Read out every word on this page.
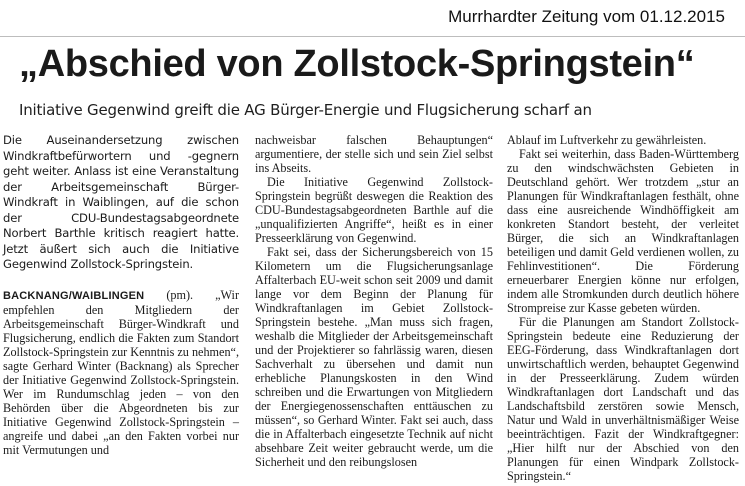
Murrhardter Zeitung vom 01.12.2015
„Abschied von Zollstock-Springstein“
Initiative Gegenwind greift die AG Bürger-Energie und Flugsicherung scharf an

Die Auseinandersetzung zwischen Windkraftbefürwortern und -gegnern geht weiter. Anlass ist eine Veranstaltung der Arbeitsgemeinschaft Bürger-Windkraft in Waiblingen, auf die schon der CDU-Bundestagsabgeordnete Norbert Barthle kritisch reagiert hatte. Jetzt äußert sich auch die Initiative Gegenwind Zollstock-Springstein.

BACKNANG/WAIBLINGEN (pm). „Wir empfehlen den Mitgliedern der Arbeitsgemeinschaft Bürger-Windkraft und Flugsicherung, endlich die Fakten zum Standort Zollstock-Springstein zur Kenntnis zu nehmen“, sagte Gerhard Winter (Backnang) als Sprecher der Initiative Gegenwind Zollstock-Springstein. Wer im Rundumschlag jeden – von den Behörden über die Abgeordneten bis zur Initiative Gegenwind Zollstock-Springstein – angreife und dabei „an den Fakten vorbei nur mit Vermutungen und

nachweisbar falschen Behauptungen“ argumentiere, der stelle sich und sein Ziel selbst ins Abseits.

Die Initiative Gegenwind Zollstock-Springstein begrüßt deswegen die Reaktion des CDU-Bundestagsabgeordneten Barthle auf die „unqualifizierten Angriffe“, heißt es in einer Presseerklärung von Gegenwind.

Fakt sei, dass der Sicherungsbereich von 15 Kilometern um die Flugsicherungsanlage Affalterbach EU-weit schon seit 2009 und damit lange vor dem Beginn der Planung für Windkraftanlagen im Gebiet Zollstock-Springstein bestehe. „Man muss sich fragen, weshalb die Mitglieder der Arbeitsgemeinschaft und der Projektierer so fahrlässig waren, diesen Sachverhalt zu übersehen und damit nun erhebliche Planungskosten in den Wind schreiben und die Erwartungen von Mitgliedern der Energiegenossenschaften enttäuschen zu müssen“, so Gerhard Winter. Fakt sei auch, dass die in Affalterbach eingesetzte Technik auf nicht absehbare Zeit weiter gebraucht werde, um die Sicherheit und den reibungslosen

Ablauf im Luftverkehr zu gewährleisten.

Fakt sei weiterhin, dass Baden-Württemberg zu den windschwächsten Gebieten in Deutschland gehört. Wer trotzdem „stur an Planungen für Windkraftanlagen festhält, ohne dass eine ausreichende Windhöffigkeit am konkreten Standort besteht, der verleitet Bürger, die sich an Windkraftanlagen beteiligen und damit Geld verdienen wollen, zu Fehlinvestitionen“. Die Förderung erneuerbarer Energien könne nur erfolgen, indem alle Stromkunden durch deutlich höhere Strompreise zur Kasse gebeten würden.

Für die Planungen am Standort Zollstock-Springstein bedeute eine Reduzierung der EEG-Förderung, dass Windkraftanlagen dort unwirtschaftlich werden, behauptet Gegenwind in der Presseerklärung. Zudem würden Windkraftanlagen dort Landschaft und das Landschaftsbild zerstören sowie Mensch, Natur und Wald in unverhältnismäßiger Weise beeinträchtigen. Fazit der Windkraftgegner: „Hier hilft nur der Abschied von den Planungen für einen Windpark Zollstock-Springstein.“
